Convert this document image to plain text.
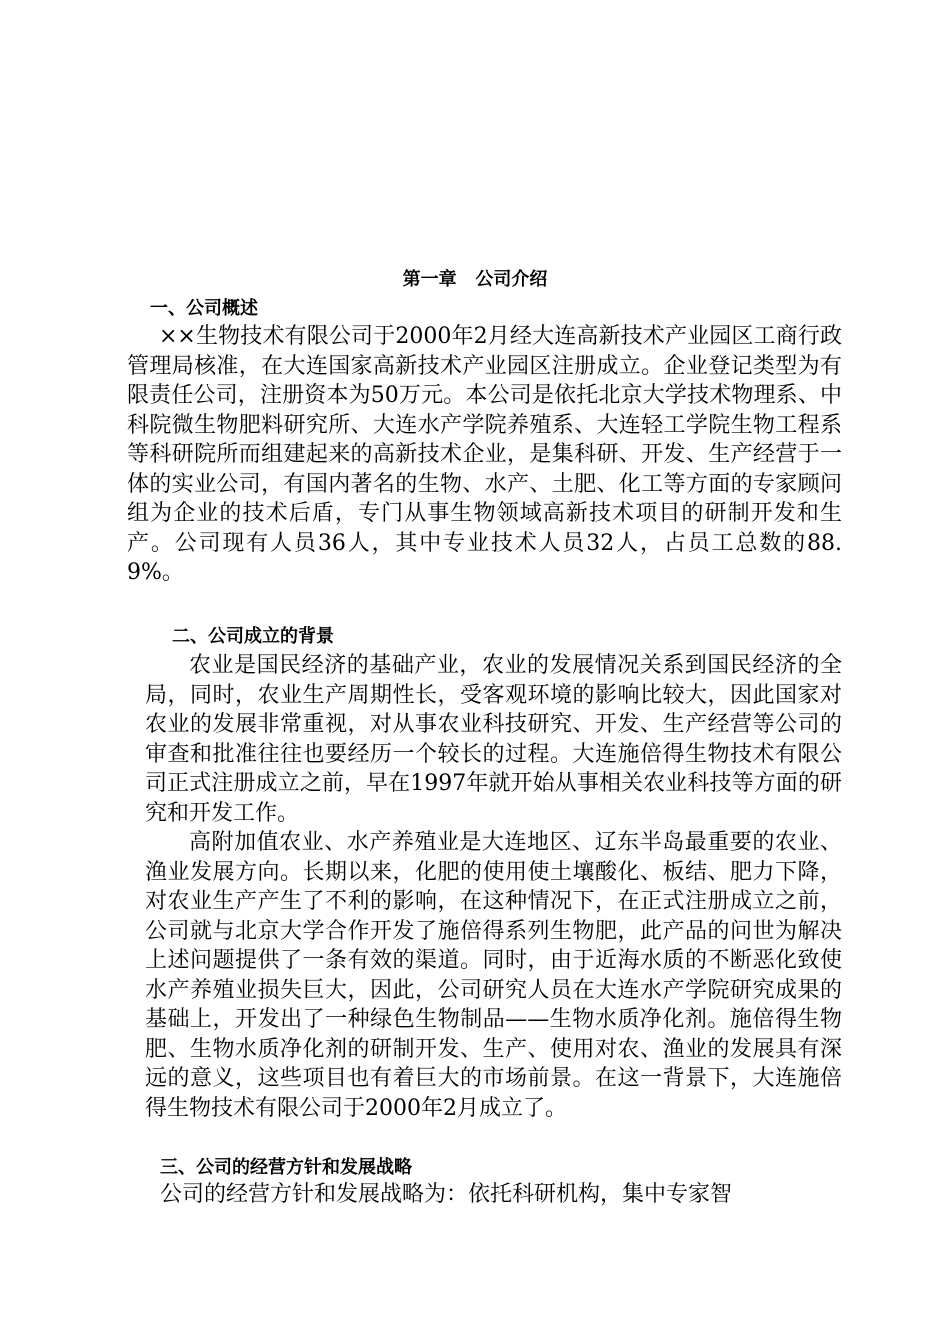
第一章   公司介绍
一、公司概述

××生物技术有限公司于2000年2月经大连高新技术产业园区工商行政管理局核准，在大连国家高新技术产业园区注册成立。企业登记类型为有限责任公司，注册资本为50万元。本公司是依托北京大学技术物理系、中科院微生物肥料研究所、大连水产学院养殖系、大连轻工学院生物工程系等科研院所而组建起来的高新技术企业，是集科研、开发、生产经营于一体的实业公司，有国内著名的生物、水产、土肥、化工等方面的专家顾问组为企业的技术后盾，专门从事生物领域高新技术项目的研制开发和生产。公司现有人员36人，其中专业技术人员32人，占员工总数的88.9%。

二、公司成立的背景

农业是国民经济的基础产业，农业的发展情况关系到国民经济的全局，同时，农业生产周期性长，受客观环境的影响比较大，因此国家对农业的发展非常重视，对从事农业科技研究、开发、生产经营等公司的审查和批准往往也要经历一个较长的过程。大连施倍得生物技术有限公司正式注册成立之前，早在1997年就开始从事相关农业科技等方面的研究和开发工作。

高附加值农业、水产养殖业是大连地区、辽东半岛最重要的农业、渔业发展方向。长期以来，化肥的使用使土壤酸化、板结、肥力下降，对农业生产产生了不利的影响，在这种情况下，在正式注册成立之前，公司就与北京大学合作开发了施倍得系列生物肥，此产品的问世为解决上述问题提供了一条有效的渠道。同时，由于近海水质的不断恶化致使水产养殖业损失巨大，因此，公司研究人员在大连水产学院研究成果的基础上，开发出了一种绿色生物制品——生物水质净化剂。施倍得生物肥、生物水质净化剂的研制开发、生产、使用对农、渔业的发展具有深远的意义，这些项目也有着巨大的市场前景。在这一背景下，大连施倍得生物技术有限公司于2000年2月成立了。

三、公司的经营方针和发展战略

公司的经营方针和发展战略为：依托科研机构，集中专家智
